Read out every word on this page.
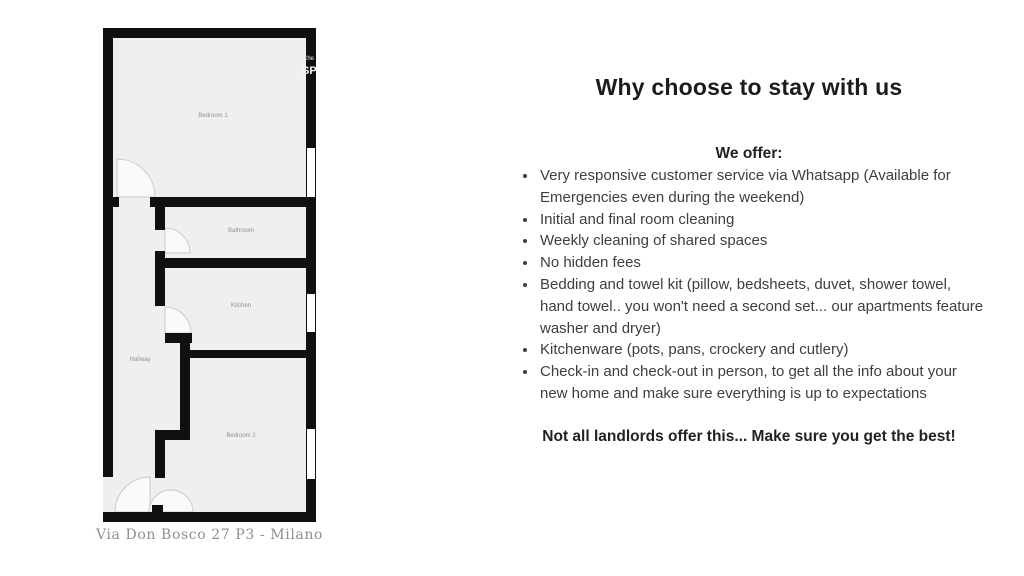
Che
SP
Bedroom 1
Bathroom
Kitchen
Hallway
Bedroom 2
Via Don Bosco 27 P3 - Milano
Why choose to stay with us
We offer:
• Very responsive customer service via Whatsapp (Available for Emergencies even during the weekend)
• Initial and final room cleaning
• Weekly cleaning of shared spaces
• No hidden fees
• Bedding and towel kit (pillow, bedsheets, duvet, shower towel, hand towel.. you won't need a second set... our apartments feature washer and dryer)
• Kitchenware (pots, pans, crockery and cutlery)
• Check-in and check-out in person, to get all the info about your new home and make sure everything is up to expectations
Not all landlords offer this... Make sure you get the best!
